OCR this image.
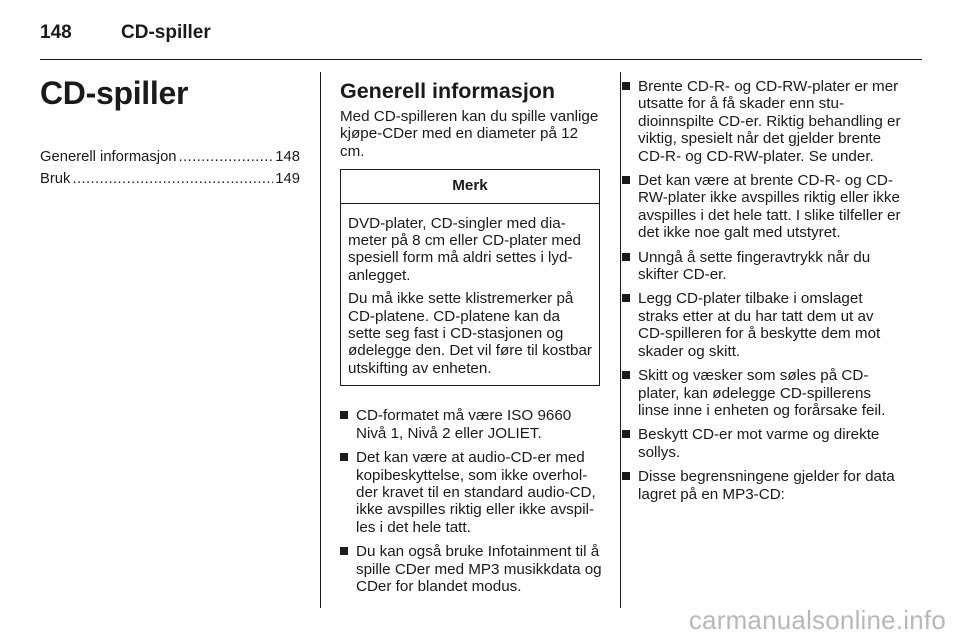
148	CD-spiller
CD-spiller
Generell informasjon .....	148
Bruk .....	149
Generell informasjon

Med CD-spilleren kan du spille vanlige kjøpe-CDer med en diameter på 12 cm.

Merk

DVD-plater, CD-singler med diameter på 8 cm eller CD-plater med spesiell form må aldri settes i lydanlegget.

Du må ikke sette klistremerker på CD-platene. CD-platene kan da sette seg fast i CD-stasjonen og ødelegge den. Det vil føre til kostbar utskifting av enheten.

CD-formatet må være ISO 9660 Nivå 1, Nivå 2 eller JOLIET.
Det kan være at audio-CD-er med kopibeskyttelse, som ikke overholder kravet til en standard audio-CD, ikke avspilles riktig eller ikke avspilles i det hele tatt.
Du kan også bruke Infotainment til å spille CDer med MP3 musikkdata og CDer for blandet modus.
Brente CD-R- og CD-RW-plater er mer utsatte for å få skader enn studioinnspilte CD-er. Riktig behandling er viktig, spesielt når det gjelder brente CD-R- og CD-RW-plater. Se under.
Det kan være at brente CD-R- og CD-RW-plater ikke avspilles riktig eller ikke avspilles i det hele tatt. I slike tilfeller er det ikke noe galt med utstyret.
Unngå å sette fingeravtrykk når du skifter CD-er.
Legg CD-plater tilbake i omslaget straks etter at du har tatt dem ut av CD-spilleren for å beskytte dem mot skader og skitt.
Skitt og væsker som søles på CD-plater, kan ødelegge CD-spillerens linse inne i enheten og forårsake feil.
Beskytt CD-er mot varme og direkte sollys.
Disse begrensningene gjelder for data lagret på en MP3-CD:
carmanualsonline.info
